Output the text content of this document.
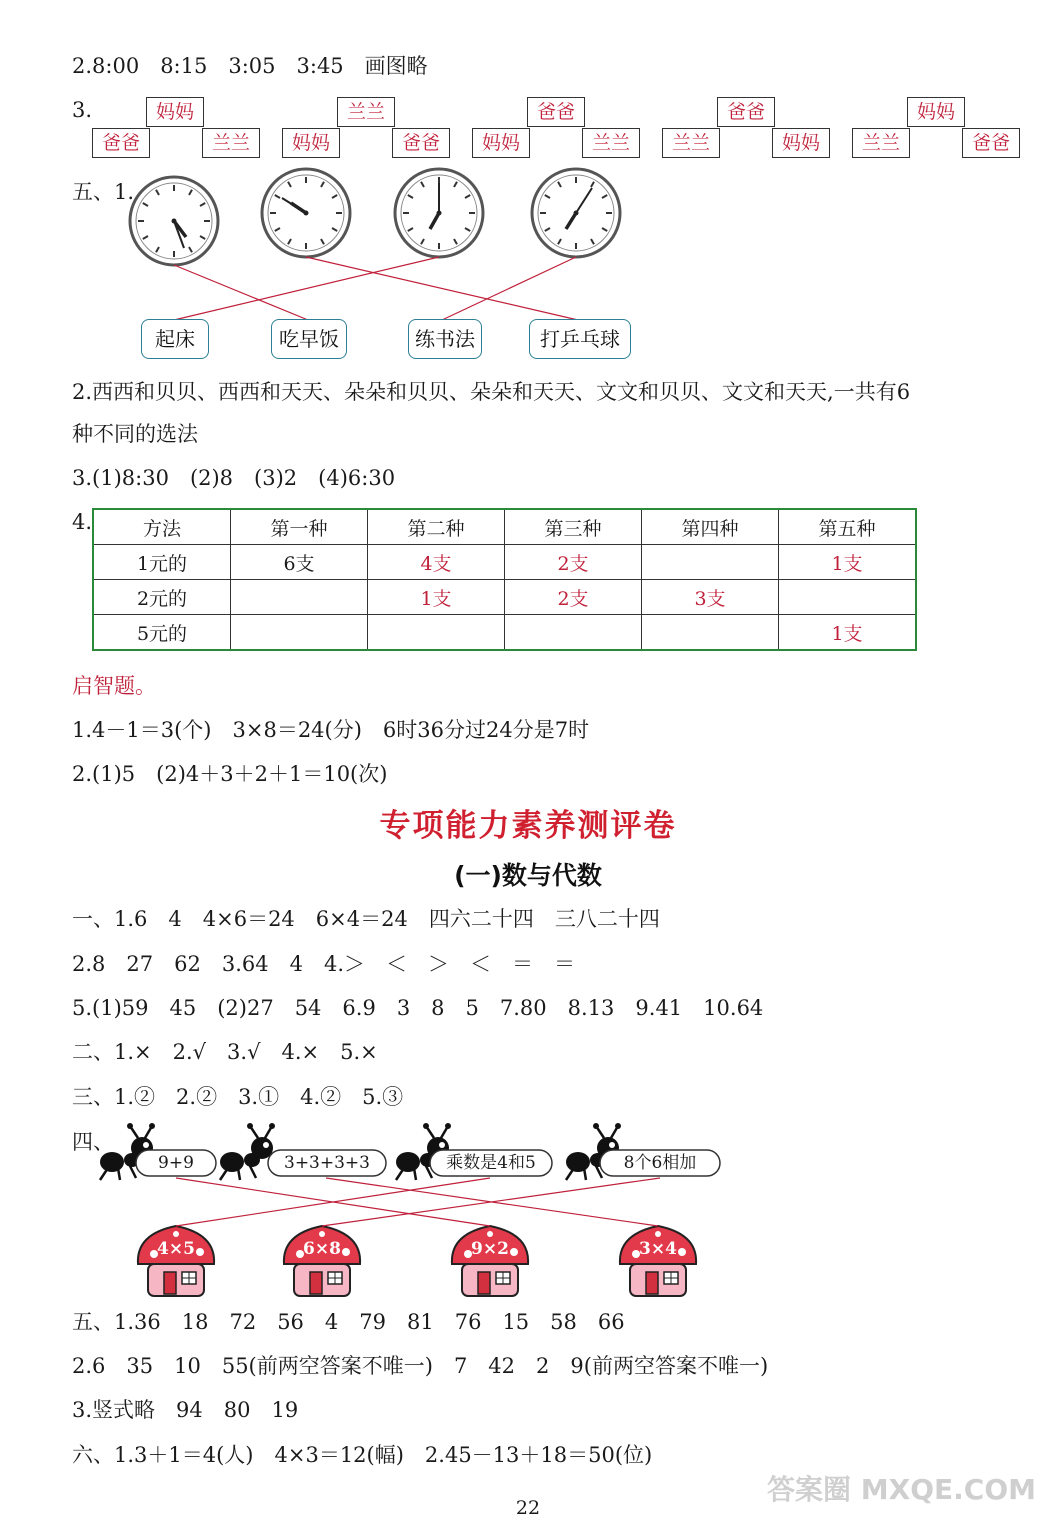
2.8:00　8:15　3:05　3:45　画图略
3.	妈妈
爸爸	兰兰
兰兰
妈妈	爸爸
爸爸
妈妈	兰兰
爸爸
兰兰	妈妈
妈妈
兰兰	爸爸
五、1.
起床	吃早饭	练书法	打乒乓球
2.西西和贝贝、西西和天天、朵朵和贝贝、朵朵和天天、文文和贝贝、文文和天天,一共有6
种不同的选法
3.(1)8:30　(2)8　(3)2　(4)6:30
4.	方法	第一种	第二种	第三种	第四种	第五种
1元的	6支	4支	2支		1支
2元的		1支	2支	3支	
5元的					1支
启智题。
1.4－1＝3(个)　3×8＝24(分)　6时36分过24分是7时
2.(1)5　(2)4＋3＋2＋1＝10(次)
专项能力素养测评卷
(一)数与代数
一、1.6　4　4×6＝24　6×4＝24　四六二十四　三八二十四
2.8　27　62　3.64　4　4.＞　＜　＞　＜　＝　＝
5.(1)59　45　(2)27　54　6.9　3　8　5　7.80　8.13　9.41　10.64
二、1.×　2.√　3.√　4.×　5.×
三、1.②　2.②　3.①　4.②　5.③
四、
9+9	3+3+3+3	乘数是4和5	8个6相加
4×5	6×8	9×2	3×4
五、1.36　18　72　56　4　79　81　76　15　58　66
2.6　35　10　55(前两空答案不唯一)　7　42　2　9(前两空答案不唯一)
3.竖式略　94　80　19
六、1.3＋1＝4(人)　4×3＝12(幅)　2.45－13＋18＝50(位)
22
答案圈 MXQE.COM
